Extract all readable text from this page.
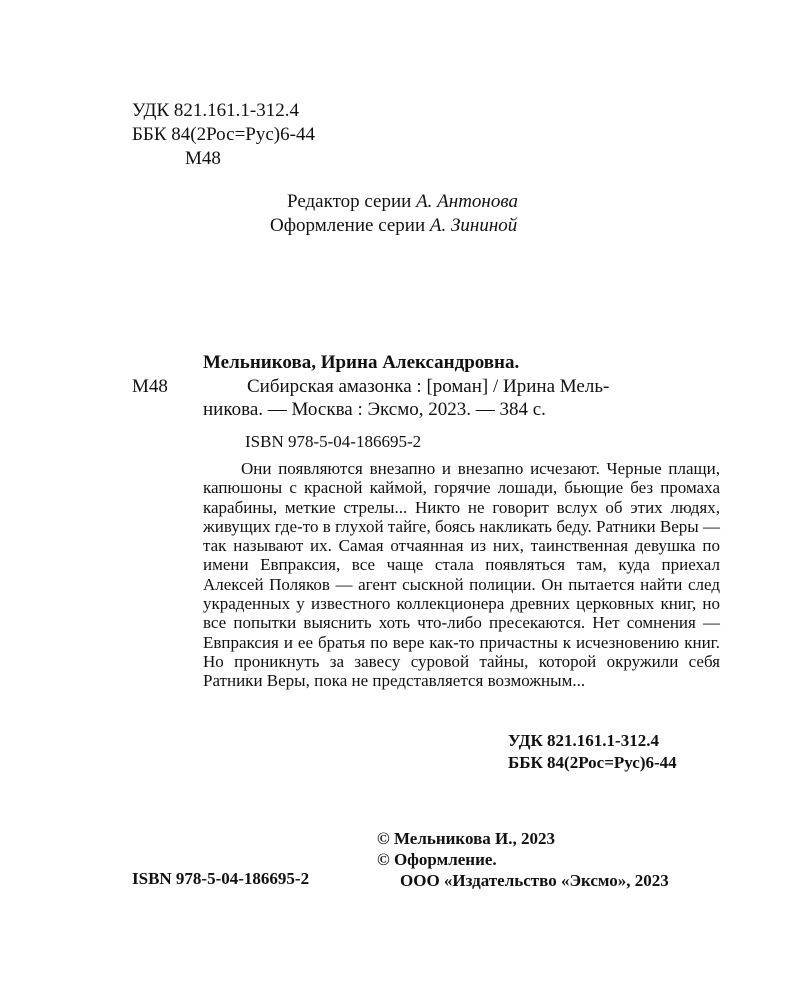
УДК 821.161.1-312.4
ББК 84(2Рос=Рус)6-44
М48
Редактор серии А. Антонова
Оформление серии А. Зининой
Мельникова, Ирина Александровна.
М48	Сибирская амазонка : [роман] / Ирина Мель-
никова. — Москва : Эксмо, 2023. — 384 с.
ISBN 978-5-04-186695-2
Они появляются внезапно и внезапно исчезают. Черные плащи, капюшоны с красной каймой, горячие лошади, бьющие без промаха карабины, меткие стрелы... Никто не говорит вслух об этих людях, живущих где-то в глухой тайге, боясь накликать беду. Ратники Веры — так называют их. Самая отчаянная из них, таинственная девушка по имени Евпраксия, все чаще стала появляться там, куда приехал Алексей Поляков — агент сыскной полиции. Он пытается найти след украденных у известного коллекционера древних церковных книг, но все попытки выяснить хоть что-либо пресекаются. Нет сомнения — Евпраксия и ее братья по вере как-то причастны к исчезновению книг. Но проникнуть за завесу суровой тайны, которой окружили себя Ратники Веры, пока не представляется возможным...
УДК 821.161.1-312.4
ББК 84(2Рос=Рус)6-44
ISBN 978-5-04-186695-2
© Мельникова И., 2023
© Оформление.
ООО «Издательство «Эксмо», 2023
